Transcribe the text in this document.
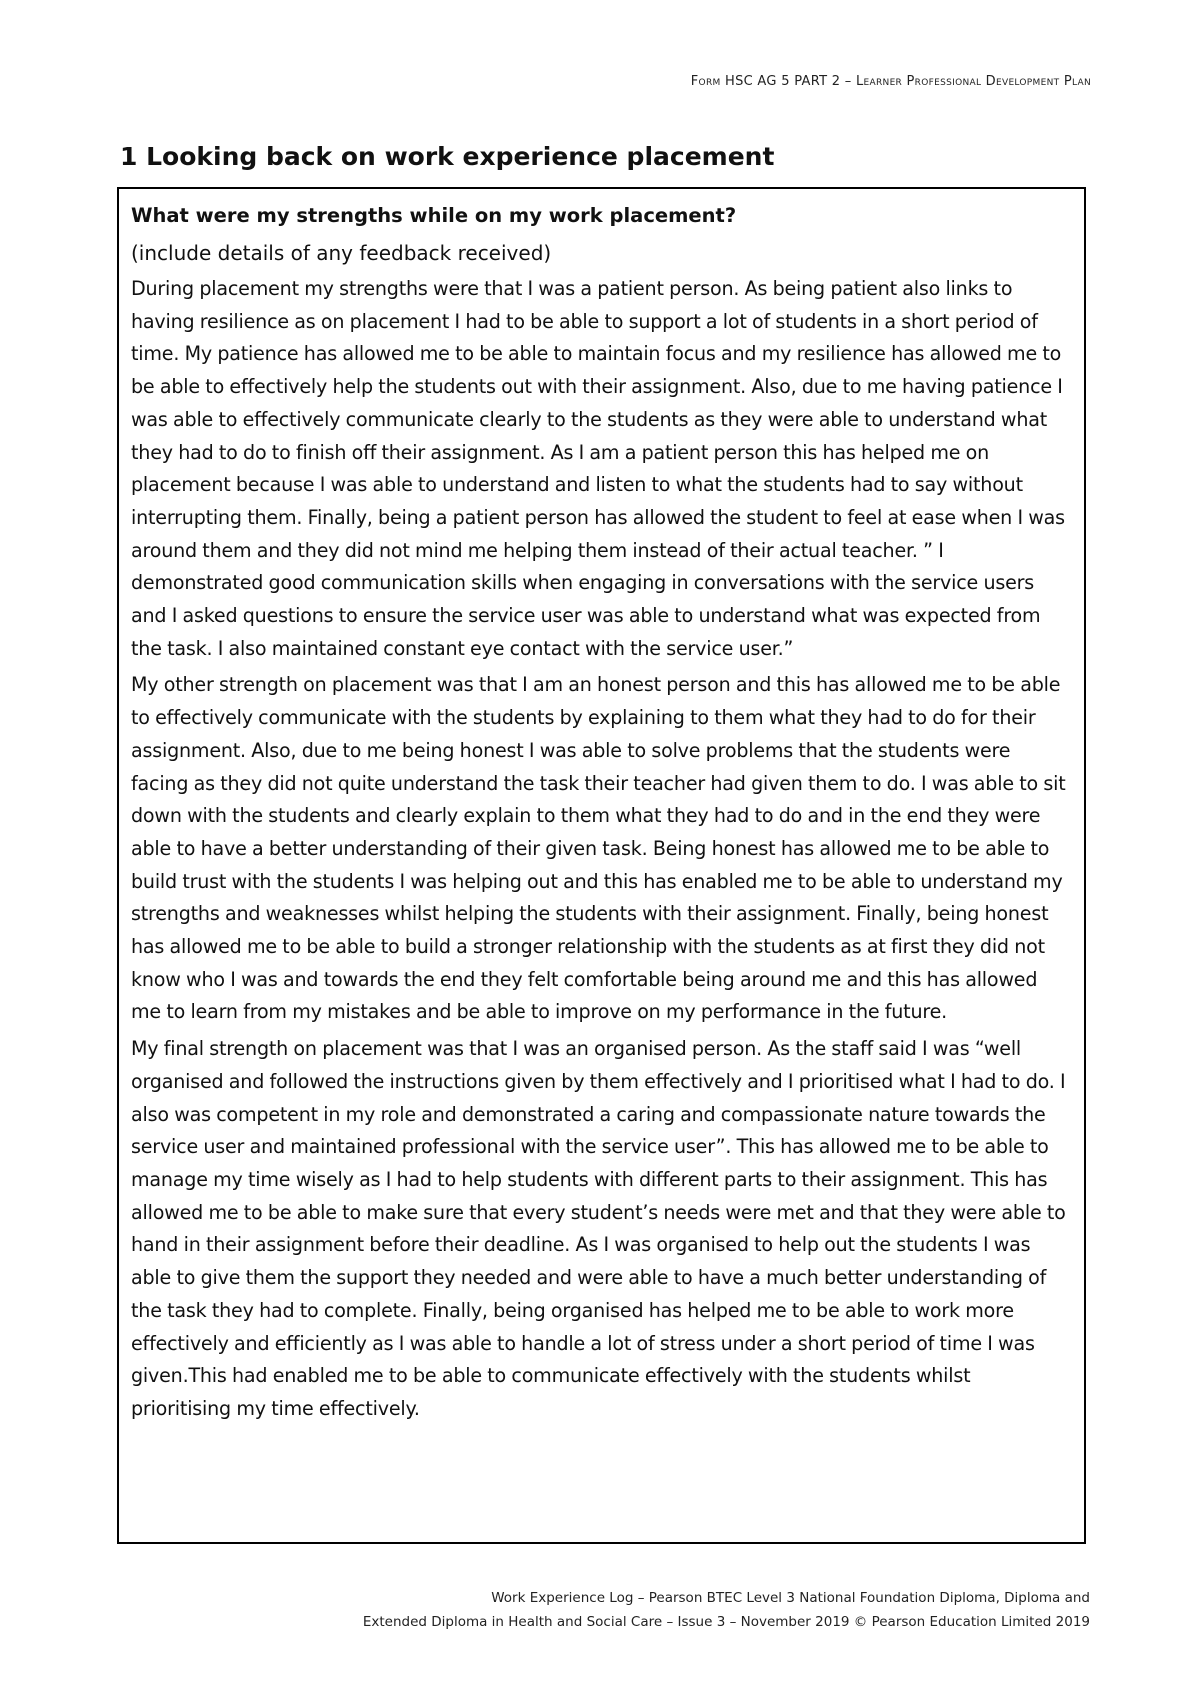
Form HSC AG 5 PART 2 – Learner Professional Development Plan
1 Looking back on work experience placement

What were my strengths while on my work placement?

(include details of any feedback received)

During placement my strengths were that I was a patient person. As being patient also links to having resilience as on placement I had to be able to support a lot of students in a short period of time. My patience has allowed me to be able to maintain focus and my resilience has allowed me to be able to effectively help the students out with their assignment. Also, due to me having patience I was able to effectively communicate clearly to the students as they were able to understand what they had to do to finish off their assignment. As I am a patient person this has helped me on placement because I was able to understand and listen to what the students had to say without interrupting them. Finally, being a patient person has allowed the student to feel at ease when I was around them and they did not mind me helping them instead of their actual teacher. ” I demonstrated good communication skills when engaging in conversations with the service users and I asked questions to ensure the service user was able to understand what was expected from the task. I also maintained constant eye contact with the service user.”

My other strength on placement was that I am an honest person and this has allowed me to be able to effectively communicate with the students by explaining to them what they had to do for their assignment. Also, due to me being honest I was able to solve problems that the students were facing as they did not quite understand the task their teacher had given them to do. I was able to sit down with the students and clearly explain to them what they had to do and in the end they were able to have a better understanding of their given task. Being honest has allowed me to be able to build trust with the students I was helping out and this has enabled me to be able to understand my strengths and weaknesses whilst helping the students with their assignment. Finally, being honest has allowed me to be able to build a stronger relationship with the students as at first they did not know who I was and towards the end they felt comfortable being around me and this has allowed me to learn from my mistakes and be able to improve on my performance in the future.

My final strength on placement was that I was an organised person. As the staff said I was “well organised and followed the instructions given by them effectively and I prioritised what I had to do. I also was competent in my role and demonstrated a caring and compassionate nature towards the service user and maintained professional with the service user”. This has allowed me to be able to manage my time wisely as I had to help students with different parts to their assignment. This has allowed me to be able to make sure that every student’s needs were met and that they were able to hand in their assignment before their deadline. As I was organised to help out the students I was able to give them the support they needed and were able to have a much better understanding of the task they had to complete. Finally, being organised has helped me to be able to work more effectively and efficiently as I was able to handle a lot of stress under a short period of time I was given.This had enabled me to be able to communicate effectively with the students whilst prioritising my time effectively.

Work Experience Log – Pearson BTEC Level 3 National Foundation Diploma, Diploma and
Extended Diploma in Health and Social Care – Issue 3 – November 2019 © Pearson Education Limited 2019
